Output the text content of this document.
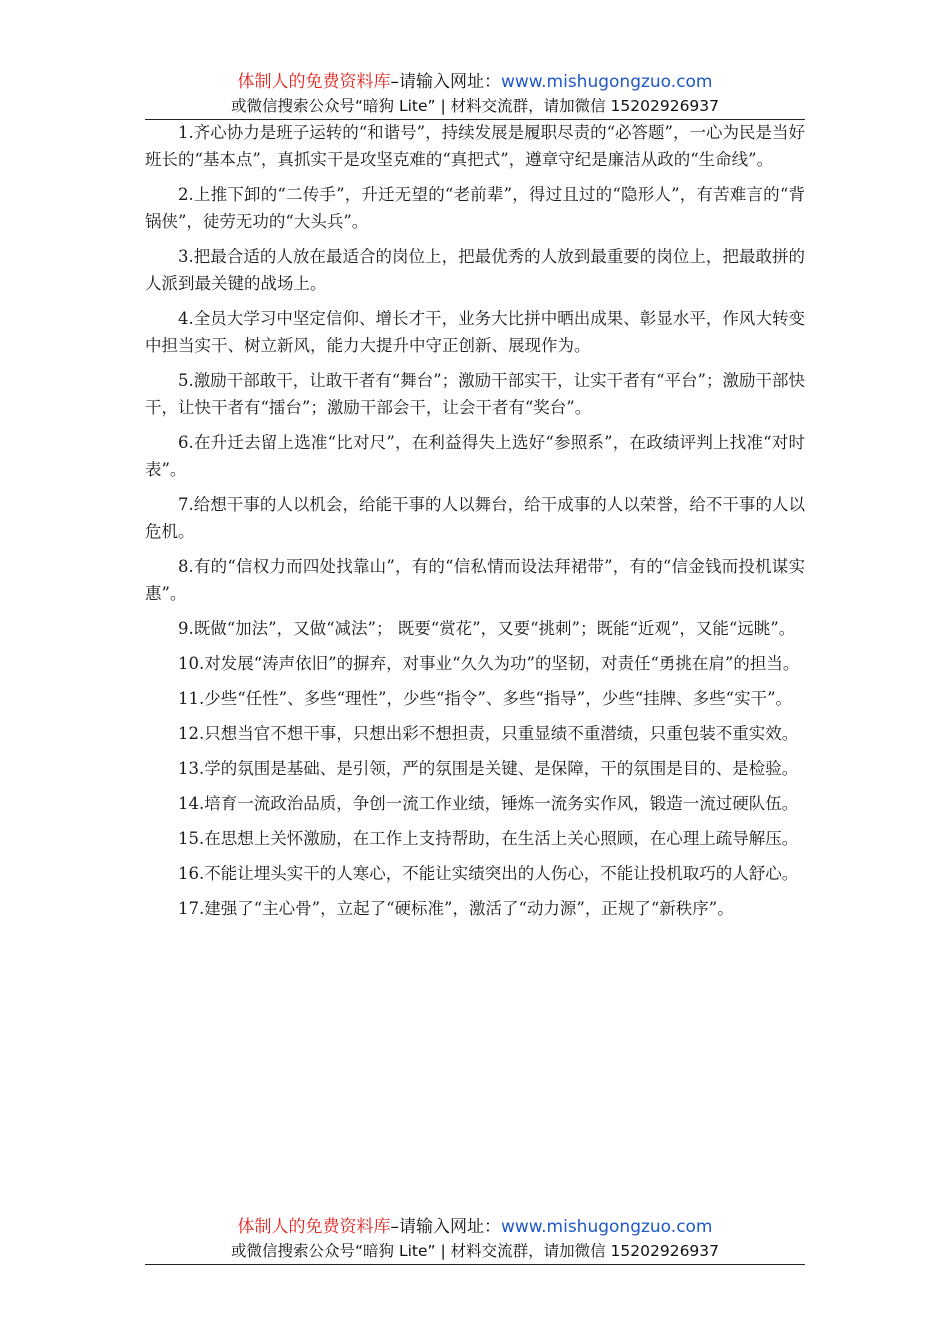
体制人的免费资料库–请输入网址：www.mishugongzuo.com
或微信搜索公众号“暗狗 Lite” | 材料交流群，请加微信 15202926937

1.齐心协力是班子运转的“和谐号”，持续发展是履职尽责的“必答题”，一心为民是当好班长的“基本点”，真抓实干是攻坚克难的“真把式”，遵章守纪是廉洁从政的“生命线”。

2.上推下卸的“二传手”，升迁无望的“老前辈”，得过且过的“隐形人”，有苦难言的“背锅侠”，徒劳无功的“大头兵”。

3.把最合适的人放在最适合的岗位上，把最优秀的人放到最重要的岗位上，把最敢拼的人派到最关键的战场上。

4.全员大学习中坚定信仰、增长才干，业务大比拼中晒出成果、彰显水平，作风大转变中担当实干、树立新风，能力大提升中守正创新、展现作为。

5.激励干部敢干，让敢干者有“舞台”；激励干部实干，让实干者有“平台”；激励干部快干，让快干者有“擂台”；激励干部会干，让会干者有“奖台”。

6.在升迁去留上选准“比对尺”，在利益得失上选好“参照系”，在政绩评判上找准“对时表”。

7.给想干事的人以机会，给能干事的人以舞台，给干成事的人以荣誉，给不干事的人以危机。

8.有的“信权力而四处找靠山”，有的“信私情而设法拜裙带”，有的“信金钱而投机谋实惠”。

9.既做“加法”，又做“减法”； 既要“赏花”，又要“挑刺”；既能“近观”，又能“远眺”。

10.对发展“涛声依旧”的摒弃，对事业“久久为功”的坚韧，对责任“勇挑在肩”的担当。

11.少些“任性”、多些“理性”，少些“指令”、多些“指导”，少些“挂牌、多些“实干”。

12.只想当官不想干事，只想出彩不想担责，只重显绩不重潜绩，只重包装不重实效。

13.学的氛围是基础、是引领，严的氛围是关键、是保障，干的氛围是目的、是检验。

14.培育一流政治品质，争创一流工作业绩，锤炼一流务实作风，锻造一流过硬队伍。

15.在思想上关怀激励，在工作上支持帮助，在生活上关心照顾，在心理上疏导解压。

16.不能让埋头实干的人寒心，不能让实绩突出的人伤心，不能让投机取巧的人舒心。

17.建强了“主心骨”，立起了“硬标准”，激活了“动力源”，正规了“新秩序”。

体制人的免费资料库–请输入网址：www.mishugongzuo.com
或微信搜索公众号“暗狗 Lite” | 材料交流群，请加微信 15202926937
